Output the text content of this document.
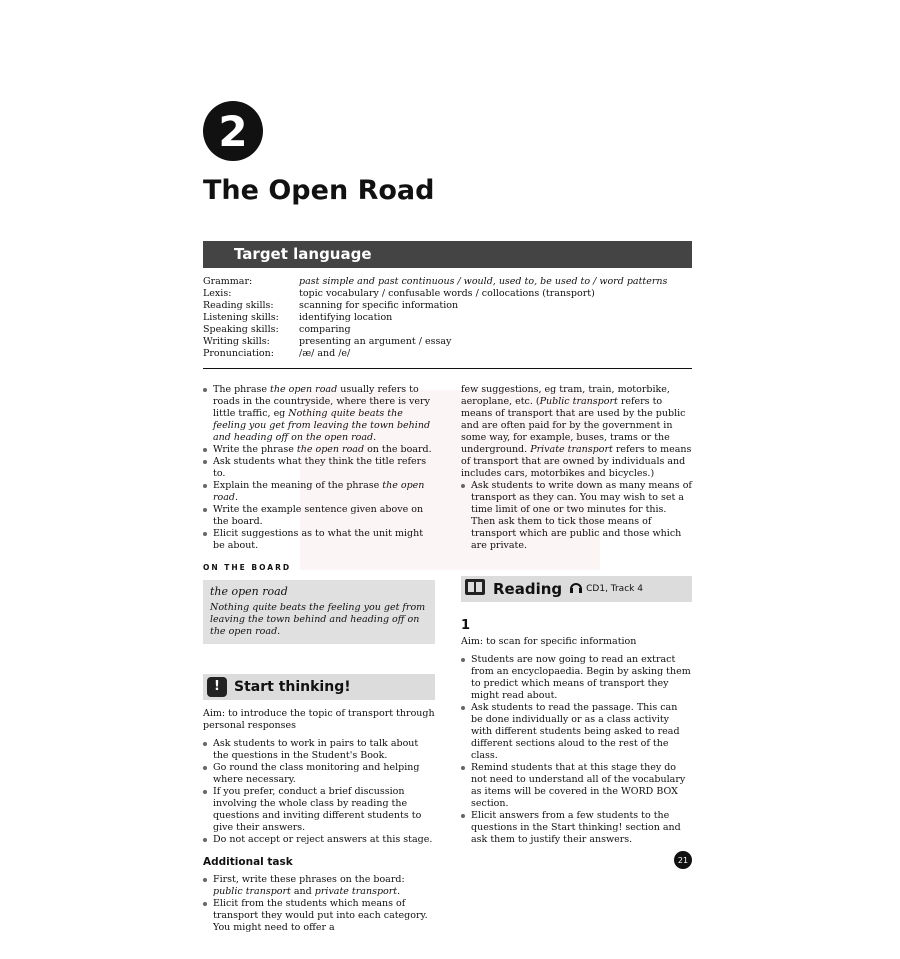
2
The Open Road
Target language
Grammar:	past simple and past continuous / would, used to, be used to / word patterns
Lexis:	topic vocabulary / confusable words / collocations (transport)
Reading skills:	scanning for specific information
Listening skills:	identifying location
Speaking skills:	comparing
Writing skills:	presenting an argument / essay
Pronunciation:	/æ/ and /e/
The phrase the open road usually refers to roads in the countryside, where there is very little traffic, eg Nothing quite beats the feeling you get from leaving the town behind and heading off on the open road.
Write the phrase the open road on the board.
Ask students what they think the title refers to.
Explain the meaning of the phrase the open road.
Write the example sentence given above on the board.
Elicit suggestions as to what the unit might be about.
ON THE BOARD
the open road
Nothing quite beats the feeling you get from leaving the town behind and heading off on the open road.
!	Start thinking!

Aim: to introduce the topic of transport through personal responses

Ask students to work in pairs to talk about the questions in the Student's Book.
Go round the class monitoring and helping where necessary.
If you prefer, conduct a brief discussion involving the whole class by reading the questions and inviting different students to give their answers.
Do not accept or reject answers at this stage.
Additional task
First, write these phrases on the board: public transport and private transport.
Elicit from the students which means of transport they would put into each category. You might need to offer a

few suggestions, eg tram, train, motorbike, aeroplane, etc. (Public transport refers to means of transport that are used by the public and are often paid for by the government in some way, for example, buses, trams or the underground. Private transport refers to means of transport that are owned by individuals and includes cars, motorbikes and bicycles.)

Ask students to write down as many means of transport as they can. You may wish to set a time limit of one or two minutes for this. Then ask them to tick those means of transport which are public and those which are private.
Reading	CD1, Track 4
1

Aim: to scan for specific information

Students are now going to read an extract from an encyclopaedia. Begin by asking them to predict which means of transport they might read about.
Ask students to read the passage. This can be done individually or as a class activity with different students being asked to read different sections aloud to the rest of the class.
Remind students that at this stage they do not need to understand all of the vocabulary as items will be covered in the WORD BOX section.
Elicit answers from a few students to the questions in the Start thinking! section and ask them to justify their answers.
21
